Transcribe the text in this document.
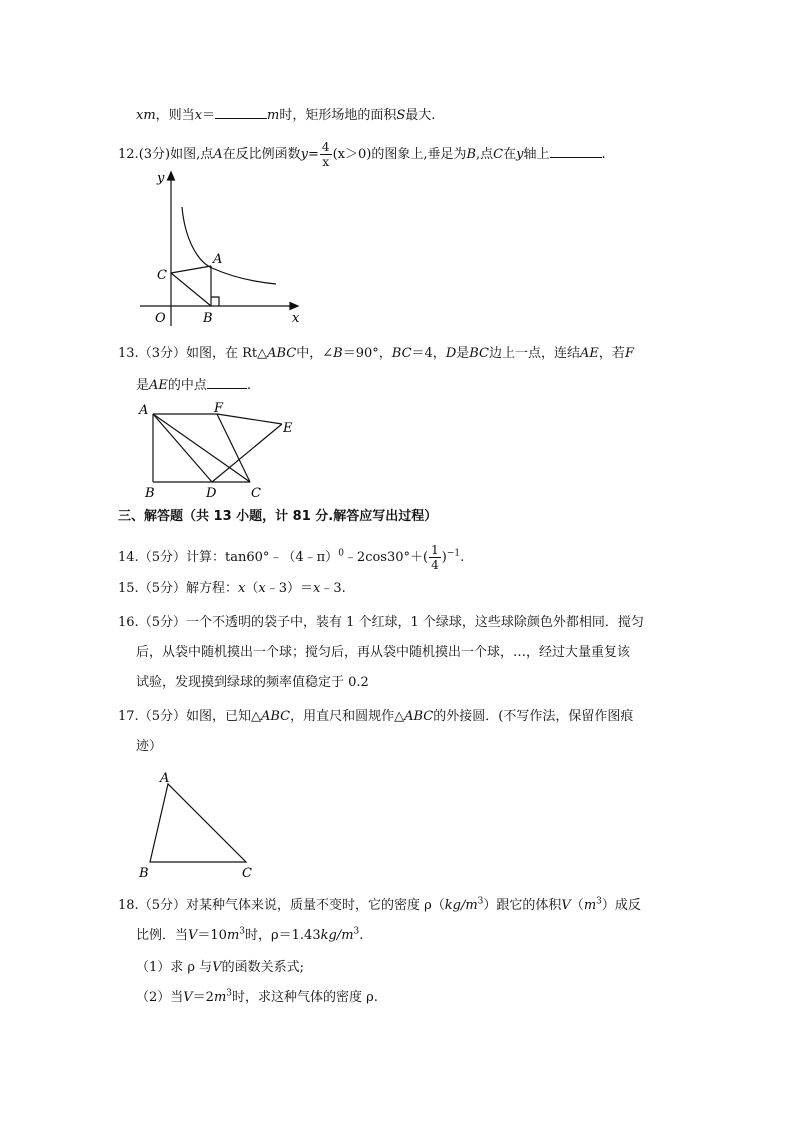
xm，则当x＝	m时，矩形场地的面积S最大.
12.(3分)如图,点A在反比例函数$y= \frac{4}{x} (x>0)$的图象上,垂足为B,点C在y轴上	.
y
x
O
A
B
C
13.（3分）如图，在 Rt△ABC中，∠B＝90°，BC＝4，D是BC边上一点，连结AE，若F
是AE的中点	.
A	F
E
B	D	C
三、解答题（共 13 小题，计 81 分.解答应写出过程）
14.（5分）计算：tan60°﹣（4﹣π）$^0$﹣2cos30°＋( $\frac{1}{4} )^{-1}$.
15.（5分）解方程：x（x﹣3）＝x﹣3.
16.（5分）一个不透明的袋子中，装有 1 个红球，1 个绿球，这些球除颜色外都相同．搅匀
后，从袋中随机摸出一个球；搅匀后，再从袋中随机摸出一个球，…，经过大量重复该
试验，发现摸到绿球的频率值稳定于 0.2
17.（5分）如图，已知△ABC，用直尺和圆规作△ABC的外接圆．(不写作法，保留作图痕
迹）
A
B	C
18.（5分）对某种气体来说，质量不变时，它的密度 $\rho(kg/m^3)$跟它的体积$V(m^3)$成反
比例．当$V=10m^3$时，$\rho=1.43kg/m^3$.
（1）求 ρ 与V的函数关系式;
（2）当$V=2m^3$时，求这种气体的密度 ρ.
